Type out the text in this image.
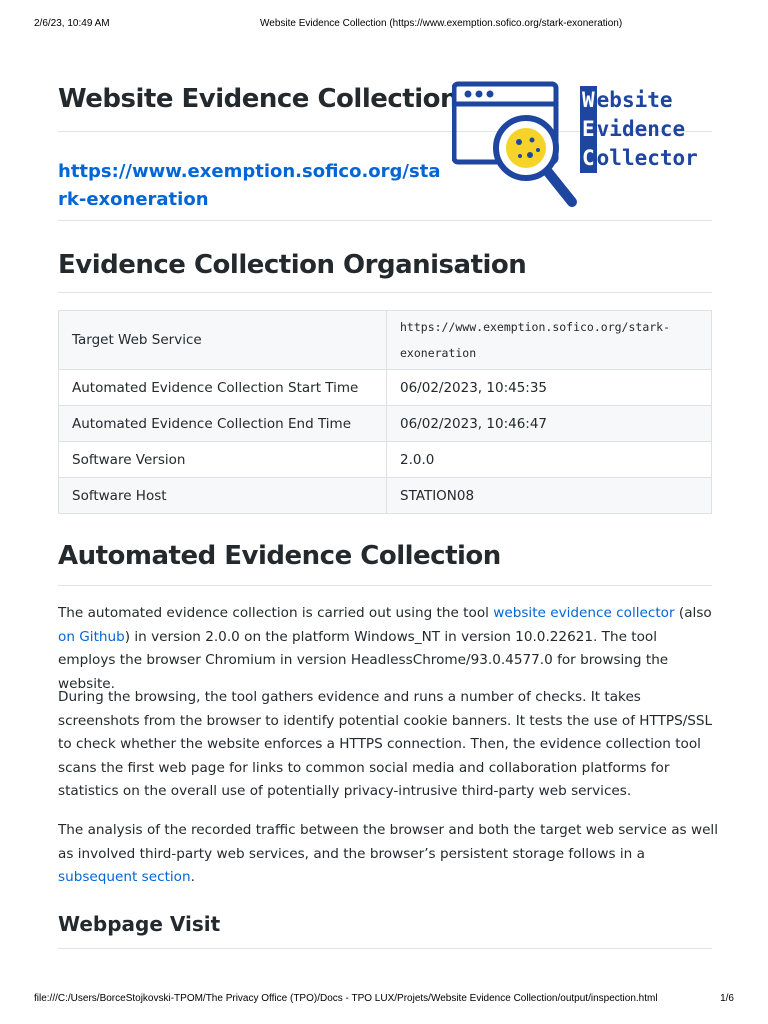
2/6/23, 10:49 AM	Website Evidence Collection (https://www.exemption.sofico.org/stark-exoneration)
Website Evidence Collection
https://www.exemption.sofico.org/stark-exoneration
Website
Evidence
Collector
Evidence Collection Organisation
Target Web Service	https://www.exemption.sofico.org/stark-
exoneration

Automated Evidence Collection Start Time	06/02/2023, 10:45:35
Automated Evidence Collection End Time	06/02/2023, 10:46:47
Software Version	2.0.0
Software Host	STATION08
Automated Evidence Collection

The automated evidence collection is carried out using the tool website evidence collector (also on Github) in version 2.0.0 on the platform Windows_NT in version 10.0.22621. The tool employs the browser Chromium in version HeadlessChrome/93.0.4577.0 for browsing the website.

During the browsing, the tool gathers evidence and runs a number of checks. It takes screenshots from the browser to identify potential cookie banners. It tests the use of HTTPS/SSL to check whether the website enforces a HTTPS connection. Then, the evidence collection tool scans the first web page for links to common social media and collaboration platforms for statistics on the overall use of potentially privacy-intrusive third-party web services.

The analysis of the recorded traffic between the browser and both the target web service as well as involved third-party web services, and the browser’s persistent storage follows in a subsequent section.

Webpage Visit
file:///C:/Users/BorceStojkovski-TPOM/The Privacy Office (TPO)/Docs - TPO LUX/Projets/Website Evidence Collection/output/inspection.html	1/6
